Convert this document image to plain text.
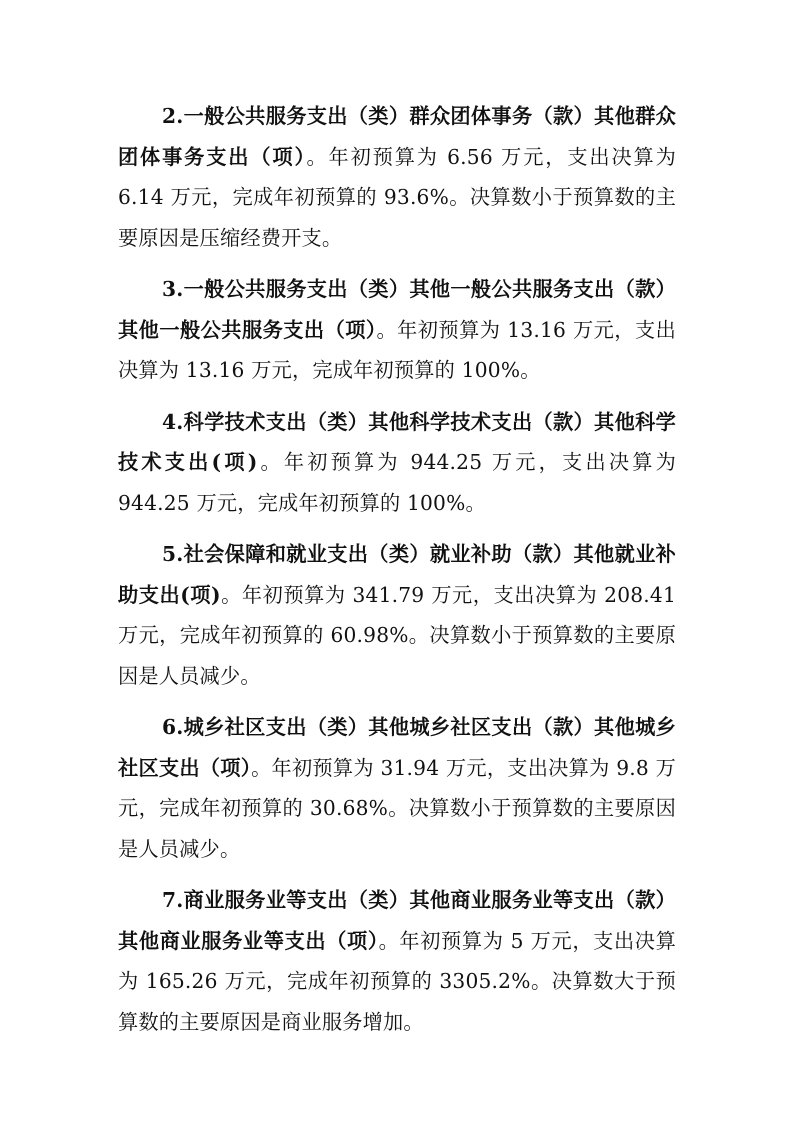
2.一般公共服务支出（类）群众团体事务（款）其他群众团体事务支出（项）。年初预算为 6.56 万元，支出决算为 6.14 万元，完成年初预算的 93.6%。决算数小于预算数的主要原因是压缩经费开支。

3.一般公共服务支出（类）其他一般公共服务支出（款）其他一般公共服务支出（项）。年初预算为 13.16 万元，支出决算为 13.16 万元，完成年初预算的 100%。

4.科学技术支出（类）其他科学技术支出（款）其他科学技术支出(项)。年初预算为 944.25 万元，支出决算为 944.25 万元，完成年初预算的 100%。

5.社会保障和就业支出（类）就业补助（款）其他就业补助支出(项)。年初预算为 341.79 万元，支出决算为 208.41 万元，完成年初预算的 60.98%。决算数小于预算数的主要原因是人员减少。

6.城乡社区支出（类）其他城乡社区支出（款）其他城乡社区支出（项）。年初预算为 31.94 万元，支出决算为 9.8 万元，完成年初预算的 30.68%。决算数小于预算数的主要原因是人员减少。

7.商业服务业等支出（类）其他商业服务业等支出（款）其他商业服务业等支出（项）。年初预算为 5 万元，支出决算为 165.26 万元，完成年初预算的 3305.2%。决算数大于预算数的主要原因是商业服务增加。
